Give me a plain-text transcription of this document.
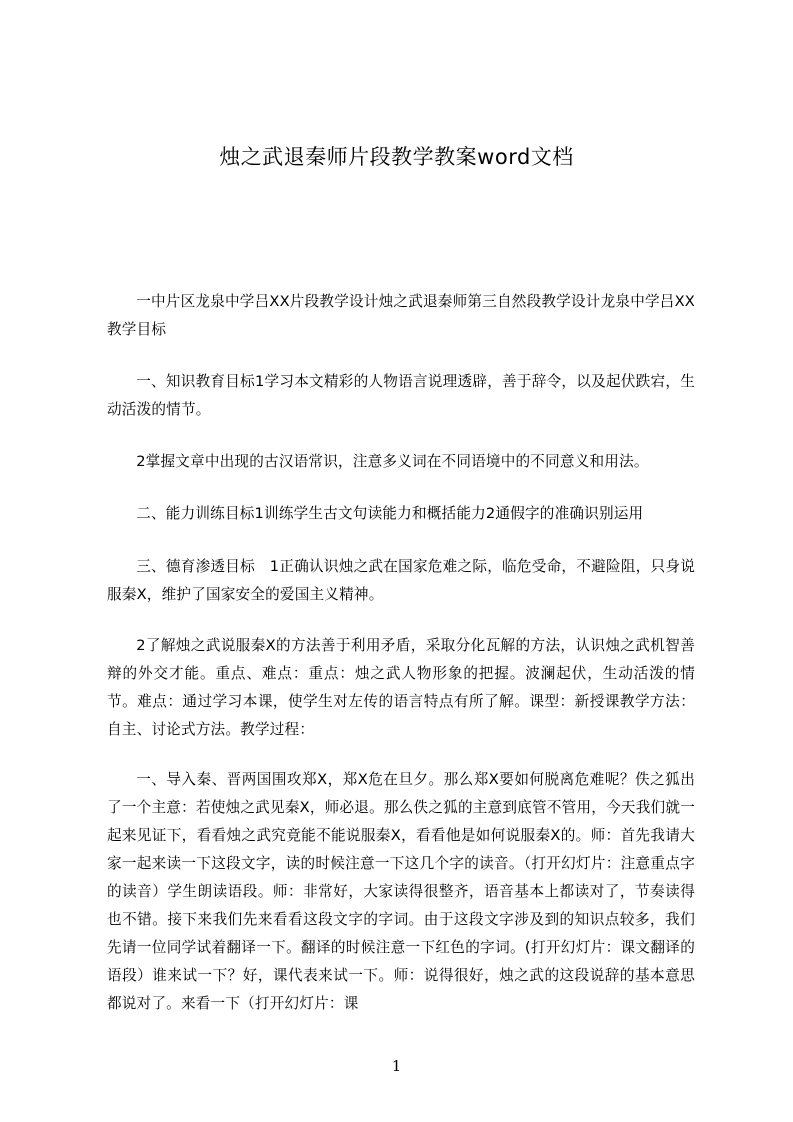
烛之武退秦师片段教学教案word文档

一中片区龙泉中学吕XX片段教学设计烛之武退秦师第三自然段教学设计龙泉中学吕XX教学目标

一、知识教育目标1学习本文精彩的人物语言说理透辟，善于辞令，以及起伏跌宕，生动活泼的情节。

2掌握文章中出现的古汉语常识，注意多义词在不同语境中的不同意义和用法。

二、能力训练目标1训练学生古文句读能力和概括能力2通假字的准确识别运用

三、德育渗透目标　1正确认识烛之武在国家危难之际，临危受命，不避险阻，只身说服秦X，维护了国家安全的爱国主义精神。

2了解烛之武说服秦X的方法善于利用矛盾，采取分化瓦解的方法，认识烛之武机智善辩的外交才能。重点、难点：重点：烛之武人物形象的把握。波澜起伏，生动活泼的情节。难点：通过学习本课，使学生对左传的语言特点有所了解。课型：新授课教学方法：自主、讨论式方法。教学过程：

一、导入秦、晋两国围攻郑X，郑X危在旦夕。那么郑X要如何脱离危难呢？佚之狐出了一个主意：若使烛之武见秦X，师必退。那么佚之狐的主意到底管不管用，今天我们就一起来见证下，看看烛之武究竟能不能说服秦X，看看他是如何说服秦X的。师：首先我请大家一起来读一下这段文字，读的时候注意一下这几个字的读音。（打开幻灯片：注意重点字的读音）学生朗读语段。师：非常好，大家读得很整齐，语音基本上都读对了，节奏读得也不错。接下来我们先来看看这段文字的字词。由于这段文字涉及到的知识点较多，我们先请一位同学试着翻译一下。翻译的时候注意一下红色的字词。(打开幻灯片：课文翻译的语段）谁来试一下？好，课代表来试一下。师：说得很好，烛之武的这段说辞的基本意思都说对了。来看一下（打开幻灯片：课

1
